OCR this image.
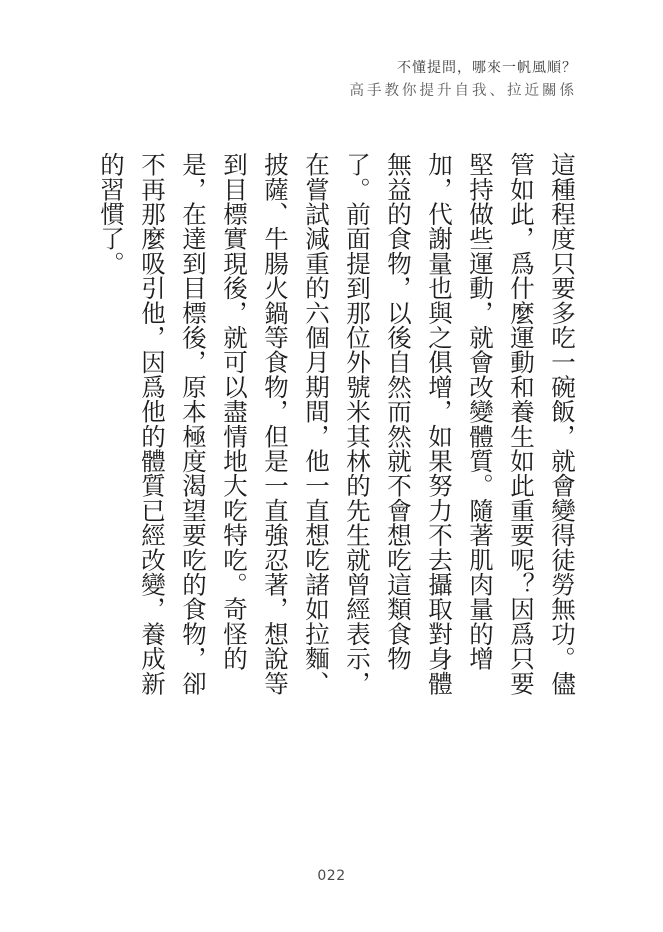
不懂提問，哪來一帆風順？
高手教你提升自我、拉近關係

這種程度只要多吃一碗飯，就會變得徒勞無功。儘管如此，爲什麼運動和養生如此重要呢？因爲只要堅持做些運動，就會改變體質。隨著肌肉量的增加，代謝量也與之俱增，如果努力不去攝取對身體無益的食物，以後自然而然就不會想吃這類食物了。前面提到那位外號米其林的先生就曾經表示，在嘗試減重的六個月期間，他一直想吃諸如拉麵、披薩、牛腸火鍋等食物，但是一直強忍著，想說等到目標實現後，就可以盡情地大吃特吃。奇怪的是，在達到目標後，原本極度渴望要吃的食物，卻不再那麼吸引他，因爲他的體質已經改變，養成新的習慣了。

022
